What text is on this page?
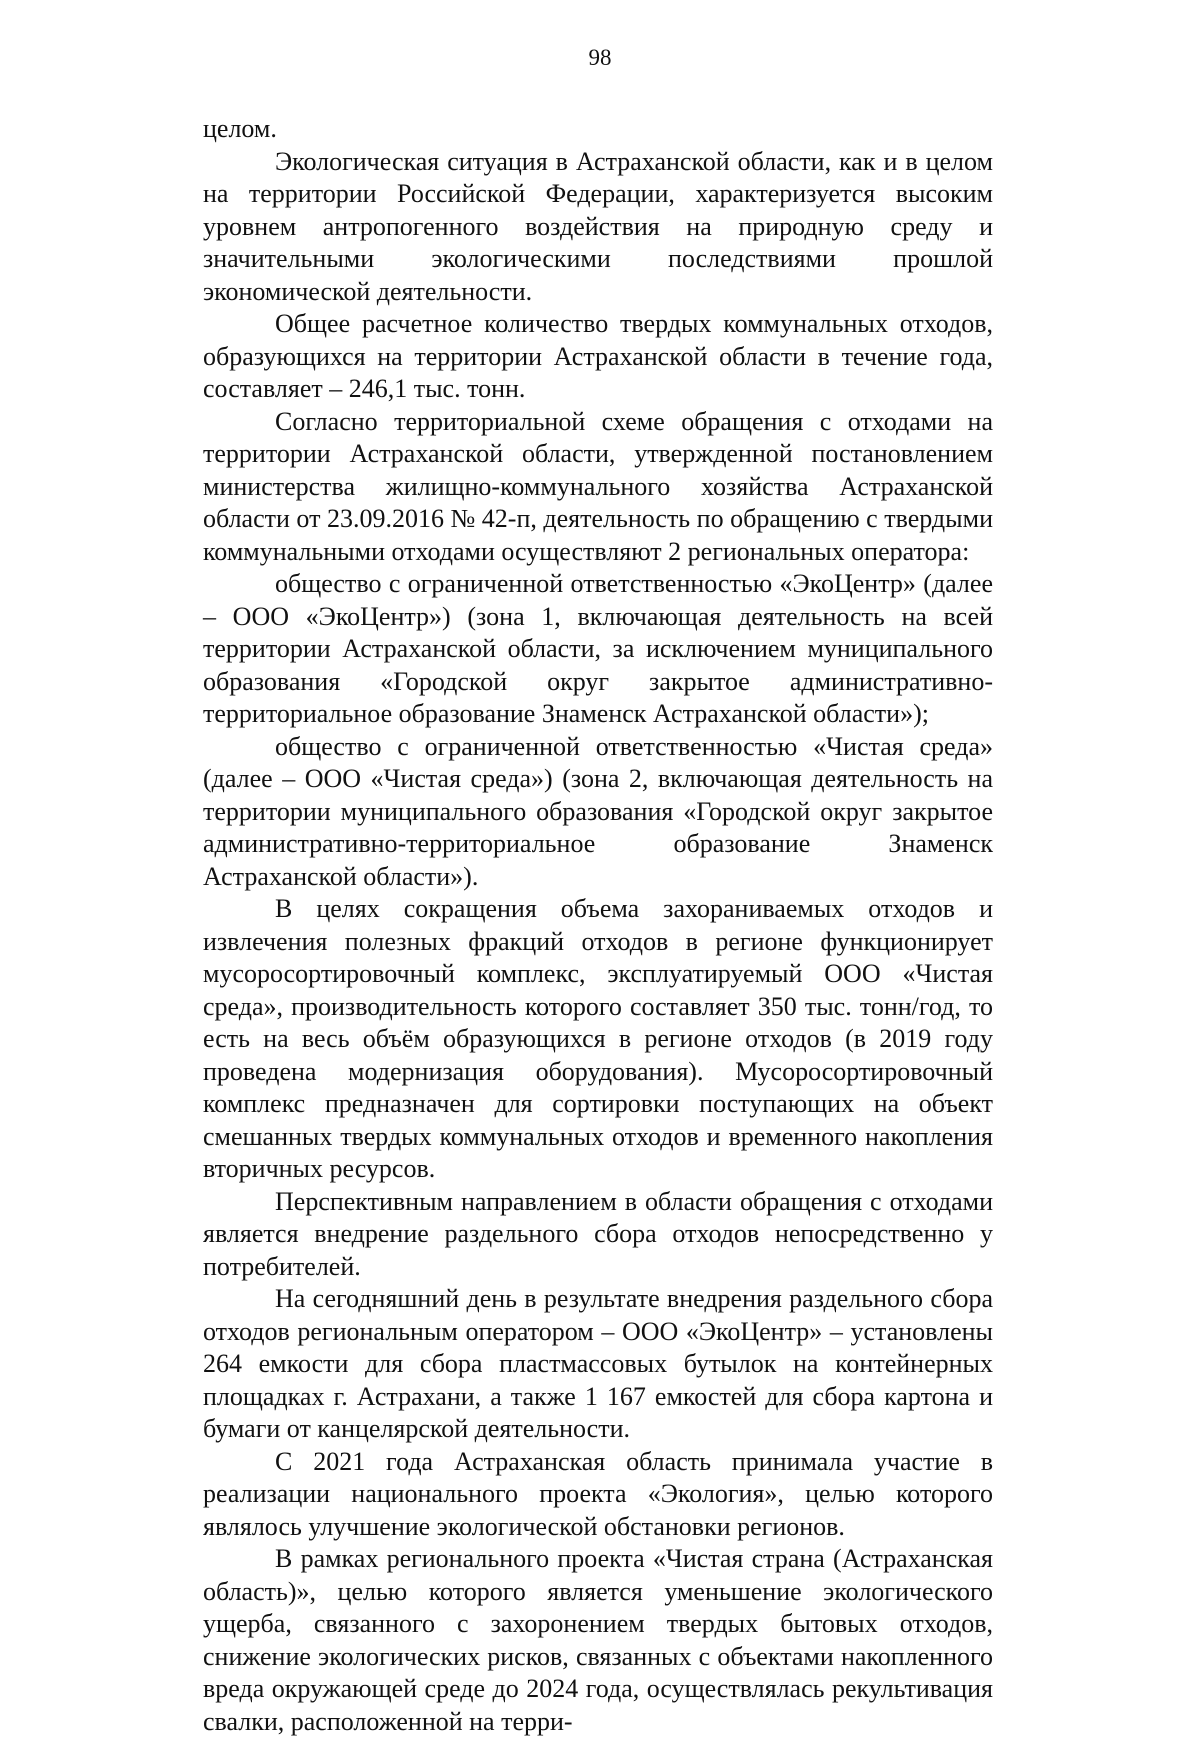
98

целом.

Экологическая ситуация в Астраханской области, как и в целом на территории Российской Федерации, характеризуется высоким уровнем антропогенного воздействия на природную среду и значительными экологическими последствиями прошлой экономической деятельности.

Общее расчетное количество твердых коммунальных отходов, образующихся на территории Астраханской области в течение года, составляет – 246,1 тыс. тонн.

Согласно территориальной схеме обращения с отходами на территории Астраханской области, утвержденной постановлением министерства жилищно-коммунального хозяйства Астраханской области от 23.09.2016 № 42-п, деятельность по обращению с твердыми коммунальными отходами осуществляют 2 региональных оператора:

общество с ограниченной ответственностью «ЭкоЦентр» (далее – ООО «ЭкоЦентр») (зона 1, включающая деятельность на всей территории Астраханской области, за исключением муниципального образования «Городской округ закрытое административно-территориальное образование Знаменск Астраханской области»);

общество с ограниченной ответственностью «Чистая среда» (далее – ООО «Чистая среда») (зона 2, включающая деятельность на территории муниципального образования «Городской округ закрытое административно-территориальное образование Знаменск Астраханской области»).

В целях сокращения объема захораниваемых отходов и извлечения полезных фракций отходов в регионе функционирует мусоросортировочный комплекс, эксплуатируемый ООО «Чистая среда», производительность которого составляет 350 тыс. тонн/год, то есть на весь объём образующихся в регионе отходов (в 2019 году проведена модернизация оборудования). Мусоросортировочный комплекс предназначен для сортировки поступающих на объект смешанных твердых коммунальных отходов и временного накопления вторичных ресурсов.

Перспективным направлением в области обращения с отходами является внедрение раздельного сбора отходов непосредственно у потребителей.

На сегодняшний день в результате внедрения раздельного сбора отходов региональным оператором – ООО «ЭкоЦентр» – установлены 264 емкости для сбора пластмассовых бутылок на контейнерных площадках г. Астрахани, а также 1 167 емкостей для сбора картона и бумаги от канцелярской деятельности.

С 2021 года Астраханская область принимала участие в реализации национального проекта «Экология», целью которого являлось улучшение экологической обстановки регионов.

В рамках регионального проекта «Чистая страна (Астраханская область)», целью которого является уменьшение экологического ущерба, связанного с захоронением твердых бытовых отходов, снижение экологических рисков, связанных с объектами накопленного вреда окружающей среде до 2024 года, осуществлялась рекультивация свалки, расположенной на терри-
